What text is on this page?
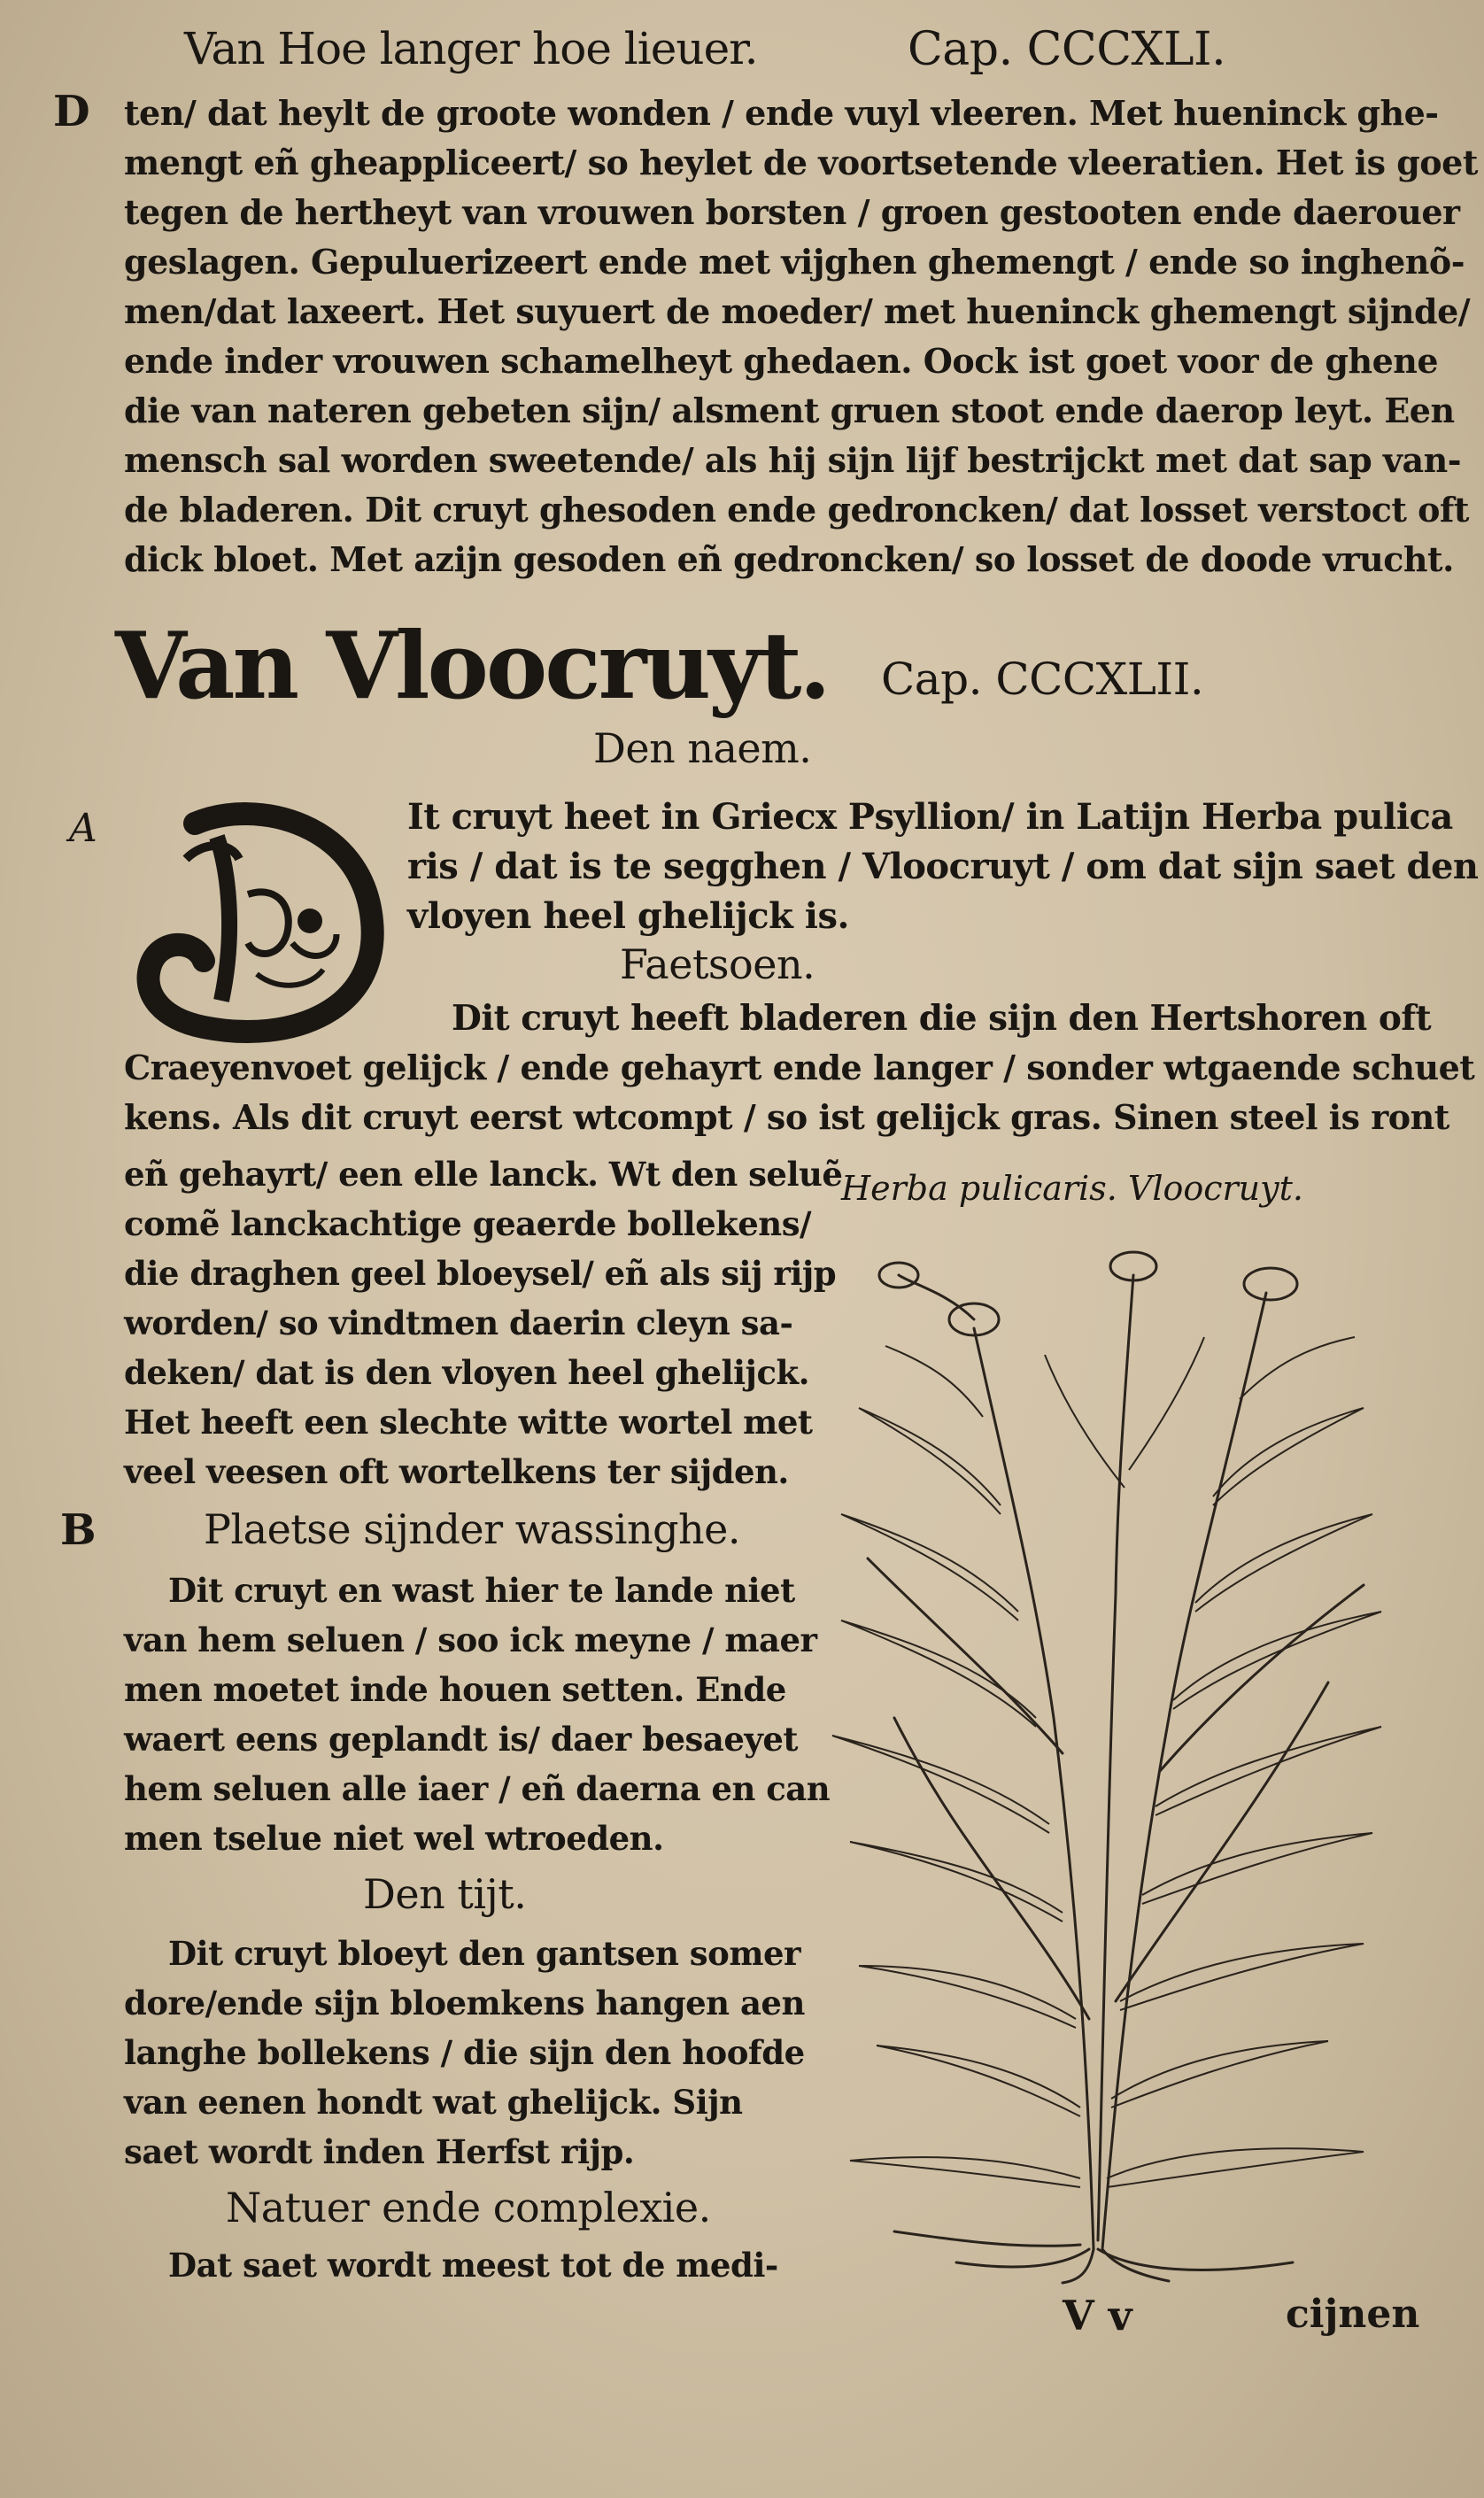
Van Hoe langer hoe lieuer.	Cap. CCCXLI.
D ten/ dat heylt de groote wonden / ende vuyl vleeren. Met hueninck ghe-
mengt eñ gheappliceert/ so heylet de voortsetende vleeratien. Het is goet
tegen de hertheyt van vrouwen borsten / groen gestooten ende daerouer
geslagen. Gepuluerizeert ende met vijghen ghemengt / ende so inghenõ-
men/dat laxeert. Het suyuert de moeder/ met hueninck ghemengt sijnde/
ende inder vrouwen schamelheyt ghedaen. Oock ist goet voor de ghene
die van nateren gebeten sijn/ alsment gruen stoot ende daerop leyt. Een
mensch sal worden sweetende/ als hij sijn lijf bestrijckt met dat sap van-
de bladeren. Dit cruyt ghesoden ende gedroncken/ dat losset verstoct oft
dick bloet. Met azijn gesoden eñ gedroncken/ so losset de doode vrucht.
Van Vloocruyt. Cap. CCCXLII.
Den naem.
A	It cruyt heet in Griecx Psyllion/ in Latijn Herba pulica
ris / dat is te segghen / Vloocruyt / om dat sijn saet den
vloyen heel ghelijck is.
Faetsoen.
Dit cruyt heeft bladeren die sijn den Hertshoren oft
Craeyenvoet gelijck / ende gehayrt ende langer / sonder wtgaende schuet
kens. Als dit cruyt eerst wtcompt / so ist gelijck gras. Sinen steel is ront
eñ gehayrt/ een elle lanck. Wt den seluẽ
comẽ lanckachtige geaerde bollekens/
die draghen geel bloeysel/ eñ als sij rijp
worden/ so vindtmen daerin cleyn sa-
deken/ dat is den vloyen heel ghelijck.
Het heeft een slechte witte wortel met
veel veesen oft wortelkens ter sijden.
B	Plaetse sijnder wassinghe.
Dit cruyt en wast hier te lande niet
van hem seluen / soo ick meyne / maer
men moetet inde houen setten. Ende
waert eens geplandt is/ daer besaeyet
hem seluen alle iaer / eñ daerna en can
men tselue niet wel wtroeden.
Den tijt.
Dit cruyt bloeyt den gantsen somer
dore/ende sijn bloemkens hangen aen
langhe bollekens / die sijn den hoofde
van eenen hondt wat ghelijck. Sijn
saet wordt inden Herfst rijp.
Natuer ende complexie.
Dat saet wordt meest tot de medi-
Herba pulicaris. Vloocruyt.
V v	cijnen
